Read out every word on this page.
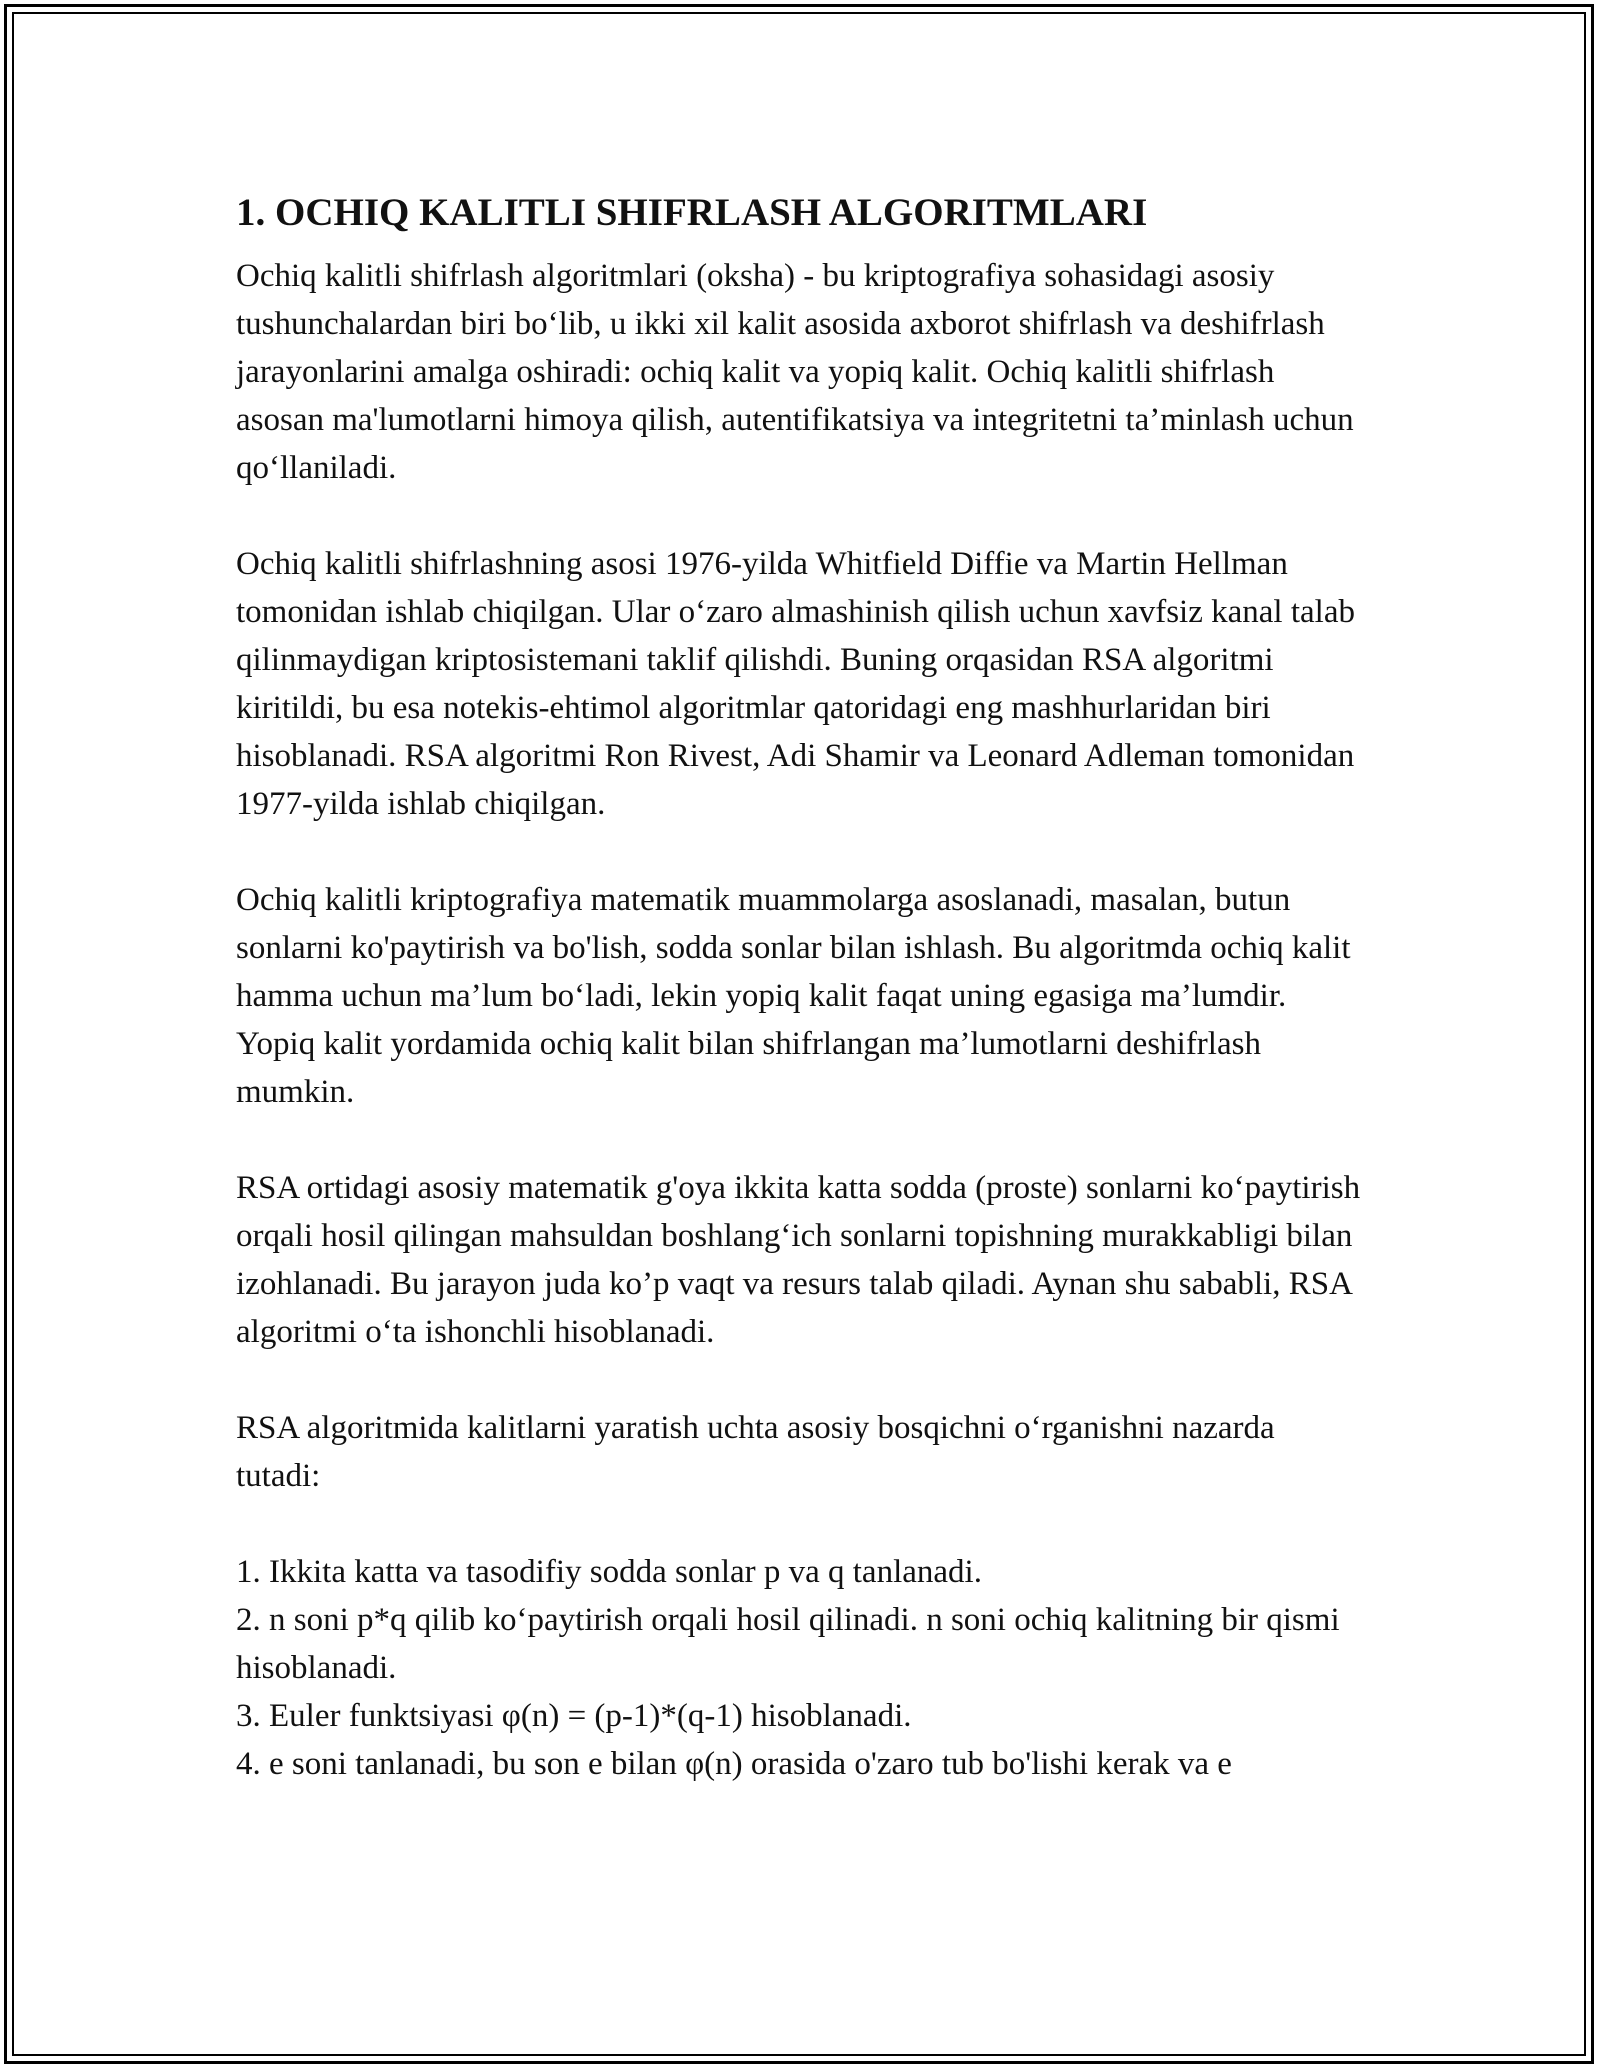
1. OCHIQ KALITLI SHIFRLASH ALGORITMLARI

Ochiq kalitli shifrlash algoritmlari (oksha) - bu kriptografiya sohasidagi asosiy tushunchalardan biri bo‘lib, u ikki xil kalit asosida axborot shifrlash va deshifrlash jarayonlarini amalga oshiradi: ochiq kalit va yopiq kalit. Ochiq kalitli shifrlash asosan ma'lumotlarni himoya qilish, autentifikatsiya va integritetni ta’minlash uchun qo‘llaniladi.

Ochiq kalitli shifrlashning asosi 1976-yilda Whitfield Diffie va Martin Hellman tomonidan ishlab chiqilgan. Ular o‘zaro almashinish qilish uchun xavfsiz kanal talab qilinmaydigan kriptosistemani taklif qilishdi. Buning orqasidan RSA algoritmi kiritildi, bu esa notekis-ehtimol algoritmlar qatoridagi eng mashhurlaridan biri hisoblanadi. RSA algoritmi Ron Rivest, Adi Shamir va Leonard Adleman tomonidan 1977-yilda ishlab chiqilgan.

Ochiq kalitli kriptografiya matematik muammolarga asoslanadi, masalan, butun sonlarni ko'paytirish va bo'lish, sodda sonlar bilan ishlash. Bu algoritmda ochiq kalit hamma uchun ma’lum bo‘ladi, lekin yopiq kalit faqat uning egasiga ma’lumdir. Yopiq kalit yordamida ochiq kalit bilan shifrlangan ma’lumotlarni deshifrlash mumkin.

RSA ortidagi asosiy matematik g'oya ikkita katta sodda (proste) sonlarni ko‘paytirish orqali hosil qilingan mahsuldan boshlang‘ich sonlarni topishning murakkabligi bilan izohlanadi. Bu jarayon juda ko’p vaqt va resurs talab qiladi. Aynan shu sababli, RSA algoritmi o‘ta ishonchli hisoblanadi.

RSA algoritmida kalitlarni yaratish uchta asosiy bosqichni o‘rganishni nazarda tutadi:

1. Ikkita katta va tasodifiy sodda sonlar p va q tanlanadi.
2. n soni p*q qilib ko‘paytirish orqali hosil qilinadi. n soni ochiq kalitning bir qismi hisoblanadi.
3. Euler funktsiyasi φ(n) = (p-1)*(q-1) hisoblanadi.
4. e soni tanlanadi, bu son e bilan φ(n) orasida o'zaro tub bo'lishi kerak va e
